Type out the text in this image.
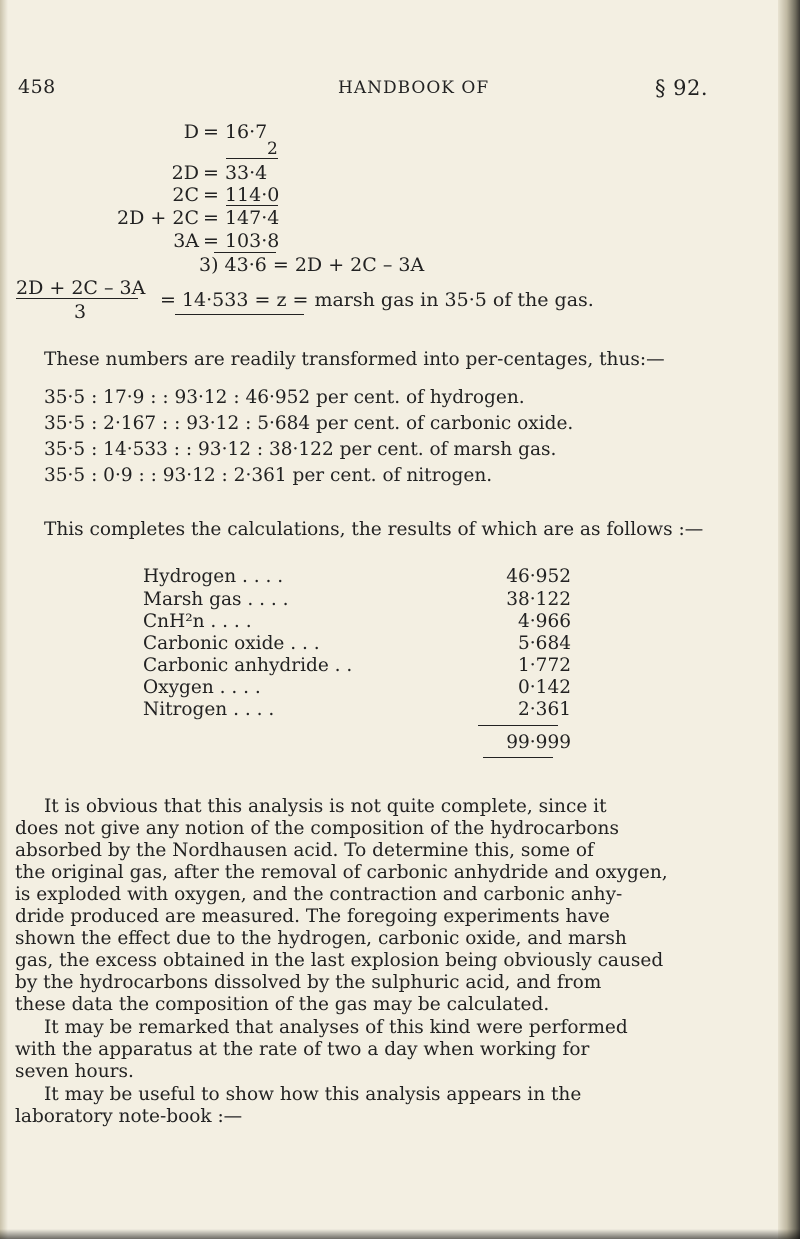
458	HANDBOOK OF	§ 92.
D = 16·7
2
2D = 33·4
2C = 114·0
2D + 2C = 147·4
3A = 103·8
3) 43·6 = 2D + 2C – 3A
2D + 2C – 3A
3
= 14·533 = z = marsh gas in 35·5 of the gas.
These numbers are readily transformed into per-centages, thus:—
35·5 : 17·9 : : 93·12 : 46·952 per cent. of hydrogen.
35·5 : 2·167 : : 93·12 : 5·684 per cent. of carbonic oxide.
35·5 : 14·533 : : 93·12 : 38·122 per cent. of marsh gas.
35·5 : 0·9 : : 93·12 : 2·361 per cent. of nitrogen.
This completes the calculations, the results of which are as follows :—
Hydrogen . . . .	46·952
Marsh gas . . . .	38·122
CnH²n . . . .	4·966
Carbonic oxide . . .	5·684
Carbonic anhydride . .	1·772
Oxygen . . . .	0·142
Nitrogen . . . .	2·361
99·999
It is obvious that this analysis is not quite complete, since it
does not give any notion of the composition of the hydrocarbons
absorbed by the Nordhausen acid. To determine this, some of
the original gas, after the removal of carbonic anhydride and oxygen,
is exploded with oxygen, and the contraction and carbonic anhy-
dride produced are measured. The foregoing experiments have
shown the effect due to the hydrogen, carbonic oxide, and marsh
gas, the excess obtained in the last explosion being obviously caused
by the hydrocarbons dissolved by the sulphuric acid, and from
these data the composition of the gas may be calculated.
It may be remarked that analyses of this kind were performed
with the apparatus at the rate of two a day when working for
seven hours.
It may be useful to show how this analysis appears in the
laboratory note-book :—
